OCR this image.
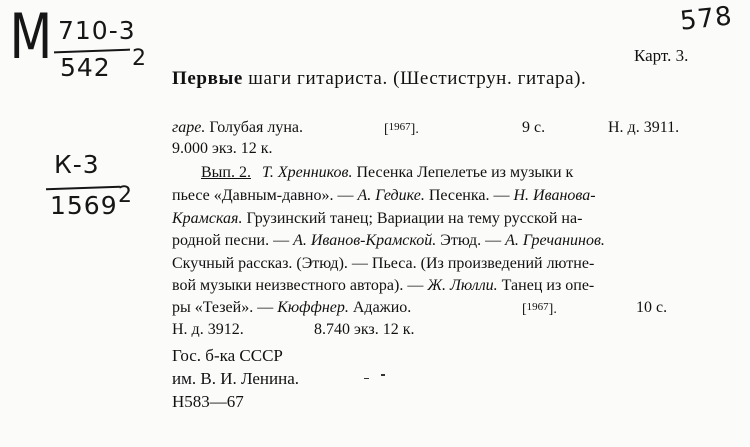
578
М 710-3
542 2
К-3
1569 2
Карт. 3.
Первые шаги гитариста. (Шестиструн. гитара).
гаре. Голубая луна.	[$^{1967}$].	9 с.	Н. д. 3911.
9.000 экз. 12 к.
Вып. 2. Т. Хренников. Песенка Лепелетье из музыки к
пьесе «Давным-давно». — А. Гедике. Песенка. — Н. Иванова-
Крамская. Грузинский танец; Вариации на тему русской на-
родной песни. — А. Иванов-Крамской. Этюд. — А. Гречанинов.
Скучный рассказ. (Этюд). — Пьеса. (Из произведений лютне-
вой музыки неизвестного автора). — Ж. Люлли. Танец из опе-
ры «Тезей». — Кюффнер. Адажио.	[$^{1967}$].	10 с.
Н. д. 3912.	8.740 экз. 12 к.
Гос. б-ка СССР
им. В. И. Ленина.
Н583—67
